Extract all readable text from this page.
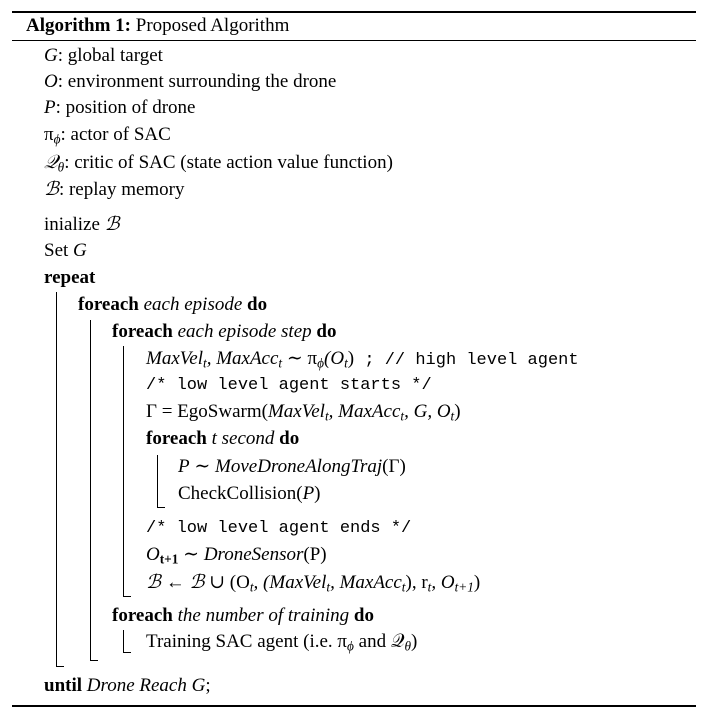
Algorithm 1: Proposed Algorithm
G: global target
O: environment surrounding the drone
P: position of drone
$\pi_\phi$: actor of SAC
𝒬$_\theta$: critic of SAC (state action value function)
ℬ: replay memory
inialize ℬ
Set G
repeat
foreach each episode do
foreach each episode step do
MaxVel$_t$, MaxAcc$_t$ ∼ $\pi_\phi(O_t)$ ; // high level agent
/* low level agent starts */
Γ = EgoSwarm(MaxVel$_t$, MaxAcc$_t$, G, $O_t$)
foreach t second do
P ∼ MoveDroneAlongTraj(Γ)
CheckCollision(P)
/* low level agent ends */
$O_{t+1}$ ∼ DroneSensor(P)
ℬ ← ℬ ∪ ($O_t$, (MaxVel$_t$, MaxAcc$_t$), $r_t$, $O_{t+1}$)
foreach the number of training do
Training SAC agent (i.e. $\pi_\phi$ and 𝒬$_\theta$)
until Drone Reach G;
